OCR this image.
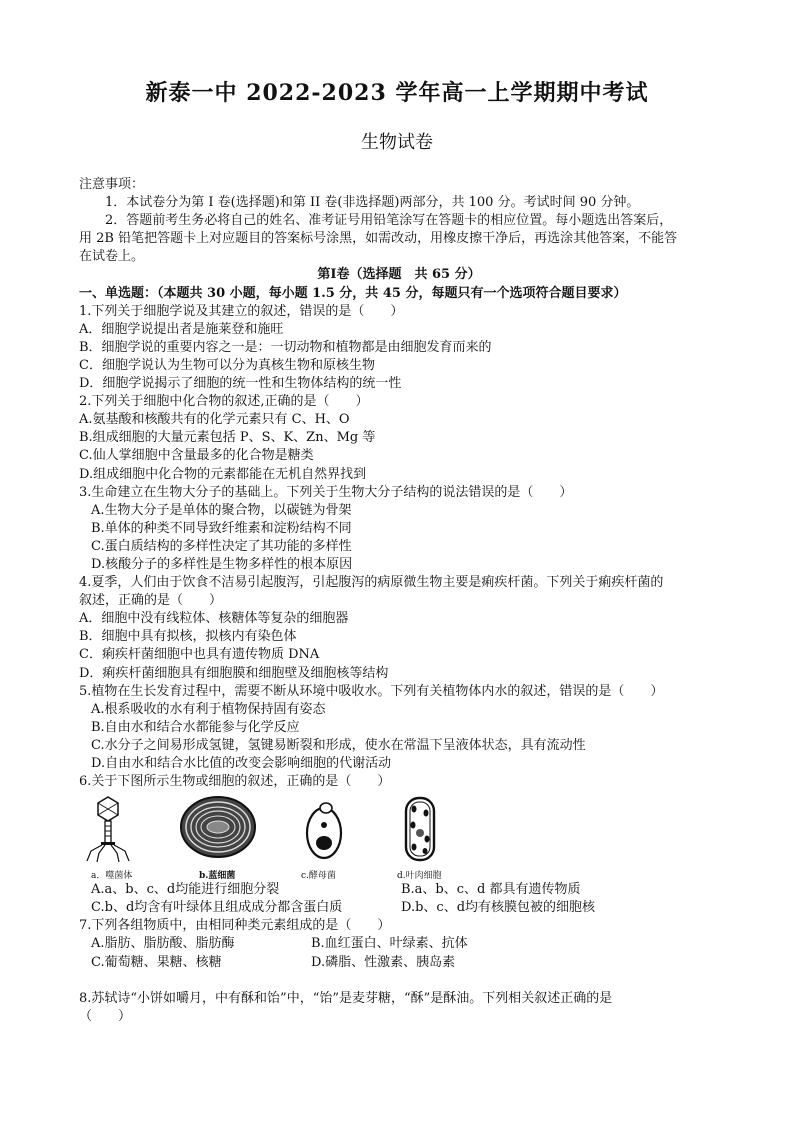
新泰一中 2022-2023 学年高一上学期期中考试
生物试卷
注意事项：
1．本试卷分为第 I 卷(选择题)和第 II 卷(非选择题)两部分，共 100 分。考试时间 90 分钟。
2．答题前考生务必将自己的姓名、准考证号用铅笔涂写在答题卡的相应位置。每小题选出答案后，
用 2B 铅笔把答题卡上对应题目的答案标号涂黑，如需改动，用橡皮擦干净后，再选涂其他答案，不能答
在试卷上。
第Ⅰ卷（选择题　共 65 分）
一、单选题：（本题共 30 小题，每小题 1.5 分，共 45 分，每题只有一个选项符合题目要求）
1.下列关于细胞学说及其建立的叙述，错误的是（　　）
A．细胞学说提出者是施莱登和施旺
B．细胞学说的重要内容之一是：一切动物和植物都是由细胞发育而来的
C．细胞学说认为生物可以分为真核生物和原核生物
D．细胞学说揭示了细胞的统一性和生物体结构的统一性
2.下列关于细胞中化合物的叙述,正确的是（　　）
A.氨基酸和核酸共有的化学元素只有 C、H、O
B.组成细胞的大量元素包括 P、S、K、Zn、Mg 等
C.仙人掌细胞中含量最多的化合物是糖类
D.组成细胞中化合物的元素都能在无机自然界找到
3.生命建立在生物大分子的基础上。下列关于生物大分子结构的说法错误的是（　　）
A.生物大分子是单体的聚合物，以碳链为骨架
B.单体的种类不同导致纤维素和淀粉结构不同
C.蛋白质结构的多样性决定了其功能的多样性
D.核酸分子的多样性是生物多样性的根本原因
4.夏季，人们由于饮食不洁易引起腹泻，引起腹泻的病原微生物主要是痢疾杆菌。下列关于痢疾杆菌的
叙述，正确的是（　　）
A．细胞中没有线粒体、核糖体等复杂的细胞器
B．细胞中具有拟核，拟核内有染色体
C．痢疾杆菌细胞中也具有遗传物质 DNA
D．痢疾杆菌细胞具有细胞膜和细胞壁及细胞核等结构
5.植物在生长发育过程中，需要不断从环境中吸收水。下列有关植物体内水的叙述，错误的是（　　）
A.根系吸收的水有利于植物保持固有姿态
B.自由水和结合水都能参与化学反应
C.水分子之间易形成氢键，氢键易断裂和形成，使水在常温下呈液体状态，具有流动性
D.自由水和结合水比值的改变会影响细胞的代谢活动
6.关于下图所示生物或细胞的叙述，正确的是（　　）
a．噬菌体	b.蓝细菌	c.酵母菌	d.叶肉细胞
A.a、b、c、d均能进行细胞分裂	B.a、b、c、d 都具有遗传物质
C.b、d均含有叶绿体且组成成分都含蛋白质	D.b、c、d均有核膜包被的细胞核
7.下列各组物质中，由相同种类元素组成的是（　　）
A.脂肪、脂肪酸、脂肪酶	B.血红蛋白、叶绿素、抗体
C.葡萄糖、果糖、核糖	D.磷脂、性激素、胰岛素
8.苏轼诗“小饼如嚼月，中有酥和饴”中，“饴”是麦芽糖，“酥”是酥油。下列相关叙述正确的是
（　　）
